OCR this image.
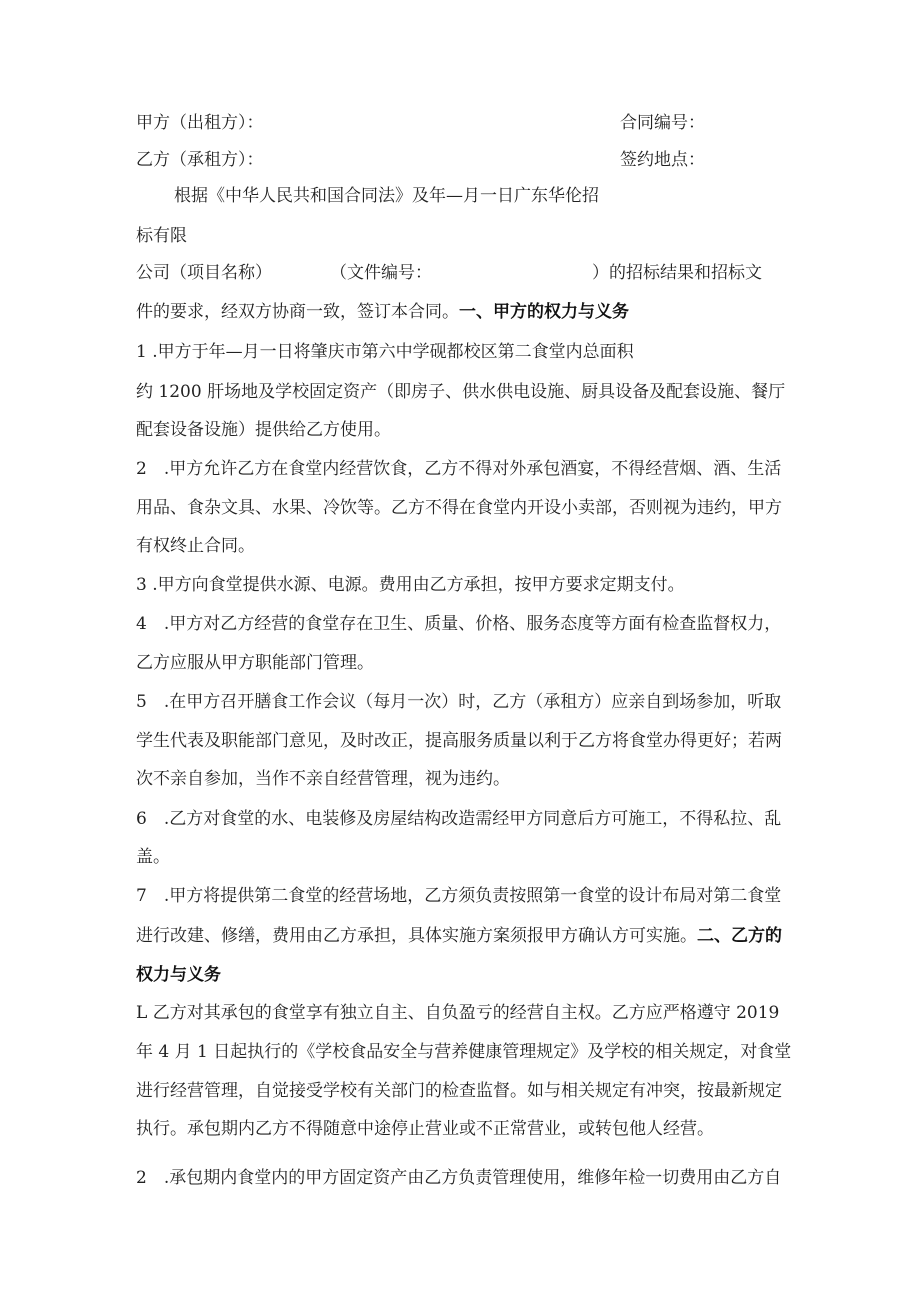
甲方（出租方）：	合同编号：
乙方（承租方）：	签约地点：
根据《中华人民共和国合同法》及年—月一日广东华伦招
标有限
公司（项目名称）	（文件编号：	）的招标结果和招标文
件的要求，经双方协商一致，签订本合同。一、甲方的权力与义务
1 .甲方于年—月一日将肇庆市第六中学砚都校区第二食堂内总面积
约 1200 肝场地及学校固定资产（即房子、供水供电设施、厨具设备及配套设施、餐厅
配套设备设施）提供给乙方使用。
2　.甲方允许乙方在食堂内经营饮食，乙方不得对外承包酒宴，不得经营烟、酒、生活
用品、食杂文具、水果、冷饮等。乙方不得在食堂内开设小卖部，否则视为违约，甲方
有权终止合同。
3 .甲方向食堂提供水源、电源。费用由乙方承担，按甲方要求定期支付。
4　.甲方对乙方经营的食堂存在卫生、质量、价格、服务态度等方面有检查监督权力，
乙方应服从甲方职能部门管理。
5　.在甲方召开膳食工作会议（每月一次）时，乙方（承租方）应亲自到场参加，听取
学生代表及职能部门意见，及时改正，提高服务质量以利于乙方将食堂办得更好；若两
次不亲自参加，当作不亲自经营管理，视为违约。
6　.乙方对食堂的水、电装修及房屋结构改造需经甲方同意后方可施工，不得私拉、乱
盖。
7　.甲方将提供第二食堂的经营场地，乙方须负责按照第一食堂的设计布局对第二食堂
进行改建、修缮，费用由乙方承担，具体实施方案须报甲方确认方可实施。二、乙方的
权力与义务
L 乙方对其承包的食堂享有独立自主、自负盈亏的经营自主权。乙方应严格遵守 2019
年 4 月 1 日起执行的《学校食品安全与营养健康管理规定》及学校的相关规定，对食堂
进行经营管理，自觉接受学校有关部门的检查监督。如与相关规定有冲突，按最新规定
执行。承包期内乙方不得随意中途停止营业或不正常营业，或转包他人经营。
2　.承包期内食堂内的甲方固定资产由乙方负责管理使用，维修年检一切费用由乙方自
